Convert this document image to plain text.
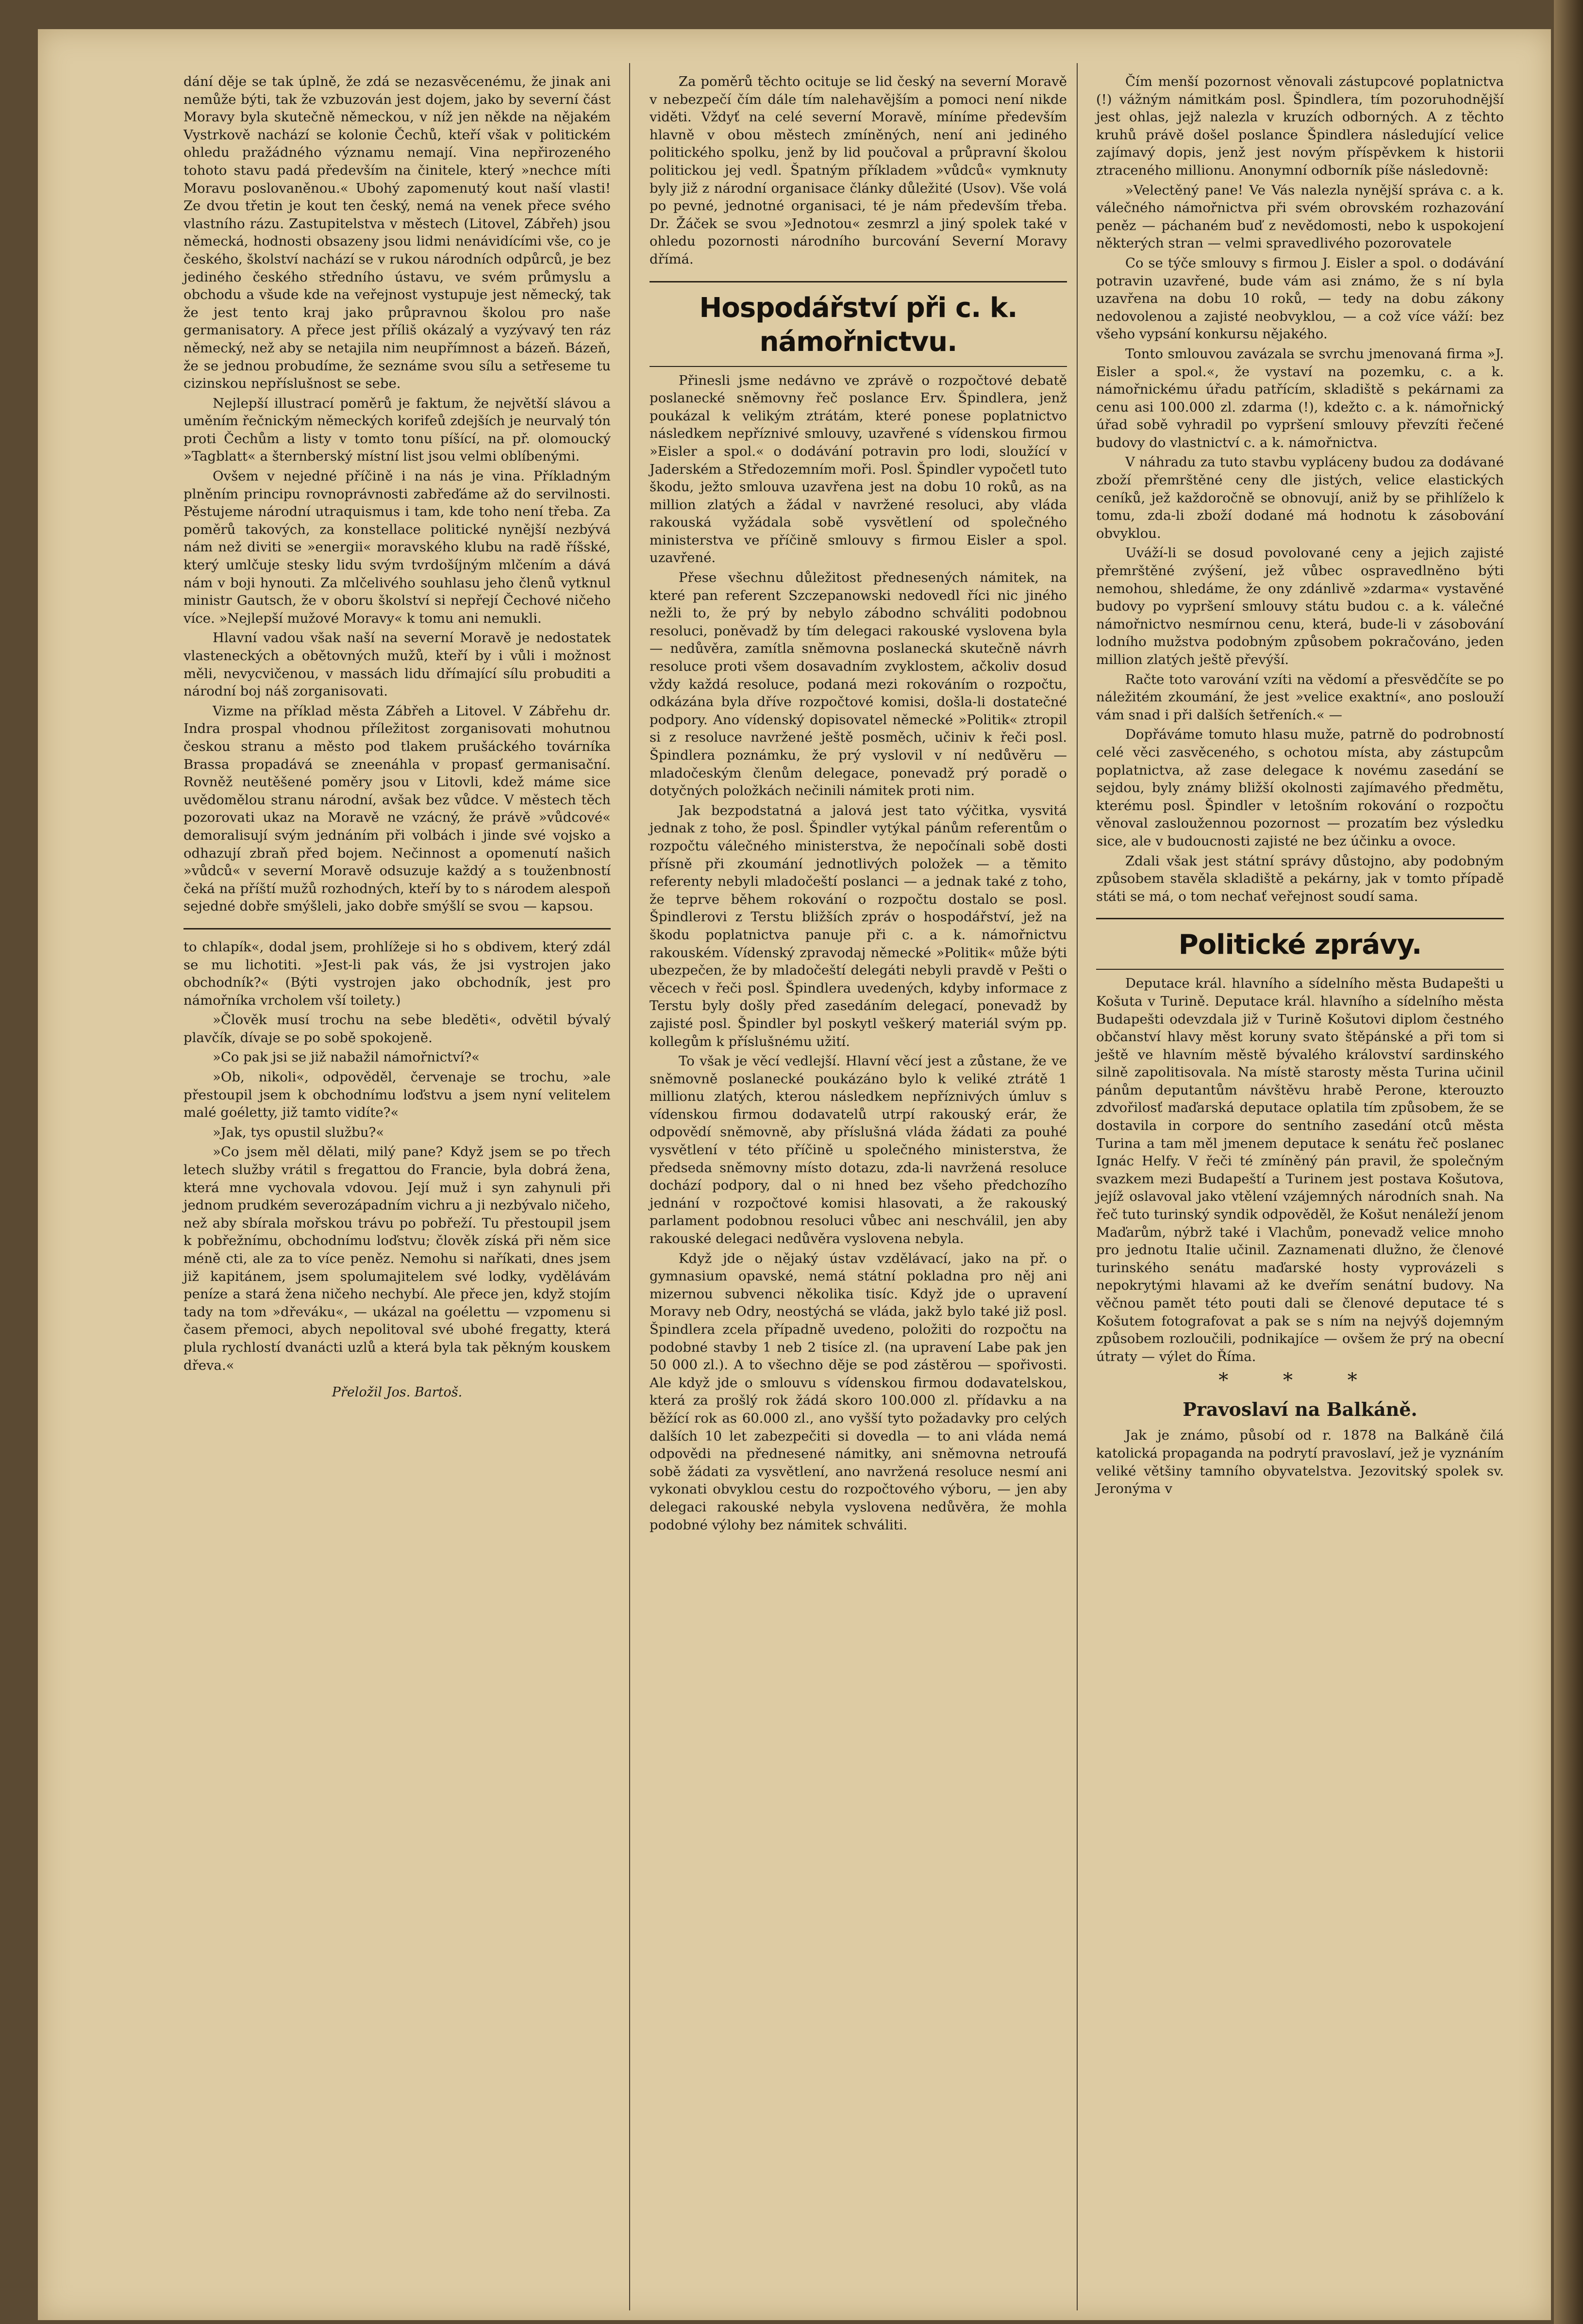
dání děje se tak úplně, že zdá se nezasvěcenému, že jinak ani nemůže býti, tak že vzbuzován jest dojem, jako by severní část Moravy byla skutečně německou, v níž jen někde na nějakém Vystrkově nachází se kolonie Čechů, kteří však v politickém ohledu pražádného významu nemají. Vina nepřirozeného tohoto stavu padá především na činitele, který »nechce míti Moravu poslovaněnou.« Ubohý zapomenutý kout naší vlasti! Ze dvou třetin je kout ten český, nemá na venek přece svého vlastního rázu. Zastupitelstva v městech (Litovel, Zábřeh) jsou německá, hodnosti obsazeny jsou lidmi nenávidícími vše, co je českého, školství nachází se v rukou národních odpůrců, je bez jediného českého středního ústavu, ve svém průmyslu a obchodu a všude kde na veřejnost vystupuje jest německý, tak že jest tento kraj jako průpravnou školou pro naše germanisatory. A přece jest příliš okázalý a vyzývavý ten ráz německý, než aby se netajila nim neupřímnost a bázeň. Bázeň, že se jednou probudíme, že seznáme svou sílu a setřeseme tu cizinskou nepříslušnost se sebe.

Nejlepší illustrací poměrů je faktum, že největší slávou a uměním řečnickým německých korifeů zdejších je neurvalý tón proti Čechům a listy v tomto tonu píšící, na př. olomoucký »Tagblatt« a šternberský místní list jsou velmi oblíbenými.

Ovšem v nejedné příčině i na nás je vina. Příkladným plněním principu rovnoprávnosti zabřeďáme až do servilnosti. Pěstujeme národní utraquismus i tam, kde toho není třeba. Za poměrů takových, za konstellace politické nynější nezbývá nám než diviti se »energii« moravského klubu na radě říšské, který umlčuje stesky lidu svým tvrdošíjným mlčením a dává nám v boji hynouti. Za mlčelivého souhlasu jeho členů vytknul ministr Gautsch, že v oboru školství si nepřejí Čechové ničeho více. »Nejlepší mužové Moravy« k tomu ani nemukli.

Hlavní vadou však naší na severní Moravě je nedostatek vlasteneckých a obětovných mužů, kteří by i vůli i možnost měli, nevycvičenou, v massách lidu dřímající sílu probuditi a národní boj náš zorganisovati.

Vizme na příklad města Zábřeh a Litovel. V Zábřehu dr. Indra prospal vhodnou příležitost zorganisovati mohutnou českou stranu a město pod tlakem prušáckého továrníka Brassa propadává se zneenáhla v propasť germanisační. Rovněž neutěšené poměry jsou v Litovli, kdež máme sice uvědomělou stranu národní, avšak bez vůdce. V městech těch pozorovati ukaz na Moravě ne vzácný, že právě »vůdcové« demoralisují svým jednáním při volbách i jinde své vojsko a odhazují zbraň před bojem. Nečinnost a opomenutí našich »vůdců« v severní Moravě odsuzuje každý a s touženbností čeká na příští mužů rozhodných, kteří by to s národem alespoň sejedné dobře smýšleli, jako dobře smýšlí se svou — kapsou.

to chlapík«, dodal jsem, prohlížeje si ho s obdivem, který zdál se mu lichotiti. »Jest-li pak vás, že jsi vystrojen jako obchodník?« (Býti vystrojen jako obchodník, jest pro námořníka vrcholem vší toilety.)

»Člověk musí trochu na sebe bleděti«, odvětil bývalý plavčík, dívaje se po sobě spokojeně.

»Co pak jsi se již nabažil námořnictví?«

»Ob, nikoli«, odpověděl, červenaje se trochu, »ale přestoupil jsem k obchodnímu loďstvu a jsem nyní velitelem malé goéletty, již tamto vidíte?«

»Jak, tys opustil službu?«

»Co jsem měl dělati, milý pane? Když jsem se po třech letech služby vrátil s fregattou do Francie, byla dobrá žena, která mne vychovala vdovou. Její muž i syn zahynuli při jednom prudkém severozápadním vichru a ji nezbývalo ničeho, než aby sbírala mořskou trávu po pobřeží. Tu přestoupil jsem k pobřežnímu, obchodnímu loďstvu; člověk získá při něm sice méně cti, ale za to více peněz. Nemohu si naříkati, dnes jsem již kapitánem, jsem spolumajitelem své lodky, vydělávám peníze a stará žena ničeho nechybí. Ale přece jen, když stojím tady na tom »dřeváku«, — ukázal na goélettu — vzpomenu si časem přemoci, abych nepolitoval své ubohé fregatty, která plula rychlostí dvanácti uzlů a která byla tak pěkným kouskem dřeva.«

Přeložil Jos. Bartoš.

Za poměrů těchto ocituje se lid český na severní Moravě v nebezpečí čím dále tím nalehavějším a pomoci není nikde viděti. Vždyť na celé severní Moravě, míníme především hlavně v obou městech zmíněných, není ani jediného politického spolku, jenž by lid poučoval a průpravní školou politickou jej vedl. Špatným příkladem »vůdců« vymknuty byly již z národní organisace články důležité (Usov). Vše volá po pevné, jednotné organisaci, té je nám především třeba. Dr. Žáček se svou »Jednotou« zesmrzl a jiný spolek také v ohledu pozornosti národního burcování Severní Moravy dřímá.

Hospodářství při c. k. námořnictvu.

Přinesli jsme nedávno ve zprávě o rozpočtové debatě poslanecké sněmovny řeč poslance Erv. Špindlera, jenž poukázal k velikým ztrátám, které ponese poplatnictvo následkem nepříznivé smlouvy, uzavřené s vídenskou firmou »Eisler a spol.« o dodávání potravin pro lodi, sloužící v Jaderském a Středozemním moři. Posl. Špindler vypočetl tuto škodu, ježto smlouva uzavřena jest na dobu 10 roků, as na million zlatých a žádal v navržené resoluci, aby vláda rakouská vyžádala sobě vysvětlení od společného ministerstva ve příčině smlouvy s firmou Eisler a spol. uzavřené.

Přese všechnu důležitost přednesených námitek, na které pan referent Szczepanowski nedovedl říci nic jiného nežli to, že prý by nebylo zábodno schváliti podobnou resoluci, poněvadž by tím delegaci rakouské vyslovena byla — nedůvěra, zamítla sněmovna poslanecká skutečně návrh resoluce proti všem dosavadním zvyklostem, ačkoliv dosud vždy každá resoluce, podaná mezi rokováním o rozpočtu, odkázána byla dříve rozpočtové komisi, došla-li dostatečné podpory. Ano vídenský dopisovatel německé »Politik« ztropil si z resoluce navržené ještě posměch, učiniv k řeči posl. Špindlera poznámku, že prý vyslovil v ní nedůvěru — mladočeským členům delegace, ponevadž prý poradě o dotyčných položkách nečinili námitek proti nim.

Jak bezpodstatná a jalová jest tato výčitka, vysvitá jednak z toho, že posl. Špindler vytýkal pánům referentům o rozpočtu válečného ministerstva, že nepočínali sobě dosti přísně při zkoumání jednotlivých položek — a těmito referenty nebyli mladočeští poslanci — a jednak také z toho, že teprve během rokování o rozpočtu dostalo se posl. Špindlerovi z Terstu bližších zpráv o hospodářství, jež na škodu poplatnictva panuje při c. a k. námořnictvu rakouském. Vídenský zpravodaj německé »Politik« může býti ubezpečen, že by mladočeští delegáti nebyli pravdě v Pešti o věcech v řeči posl. Špindlera uvedených, kdyby informace z Terstu byly došly před zasedáním delegací, ponevadž by zajisté posl. Špindler byl poskytl veškerý materiál svým pp. kollegům k příslušnému užití.

To však je věcí vedlejší. Hlavní věcí jest a zůstane, že ve sněmovně poslanecké poukázáno bylo k veliké ztrátě 1 millionu zlatých, kterou následkem nepříznivých úmluv s vídenskou firmou dodavatelů utrpí rakouský erár, že odpovědí sněmovně, aby příslušná vláda žádati za pouhé vysvětlení v této příčině u společného ministerstva, že předseda sněmovny místo dotazu, zda-li navržená resoluce dochází podpory, dal o ni hned bez všeho předchozího jednání v rozpočtové komisi hlasovati, a že rakouský parlament podobnou resoluci vůbec ani neschválil, jen aby rakouské delegaci nedůvěra vyslovena nebyla.

Když jde o nějaký ústav vzdělávací, jako na př. o gymnasium opavské, nemá státní pokladna pro něj ani mizernou subvenci několika tisíc. Když jde o upravení Moravy neb Odry, neostýchá se vláda, jakž bylo také již posl. Špindlera zcela případně uvedeno, položiti do rozpočtu na podobné stavby 1 neb 2 tisíce zl. (na upravení Labe pak jen 50 000 zl.). A to všechno děje se pod zástěrou — spořivosti. Ale když jde o smlouvu s vídenskou firmou dodavatelskou, která za prošlý rok žádá skoro 100.000 zl. přídavku a na běžící rok as 60.000 zl., ano vyšší tyto požadavky pro celých dalších 10 let zabezpečiti si dovedla — to ani vláda nemá odpovědi na přednesené námitky, ani sněmovna netroufá sobě žádati za vysvětlení, ano navržená resoluce nesmí ani vykonati obvyklou cestu do rozpočtového výboru, — jen aby delegaci rakouské nebyla vyslovena nedůvěra, že mohla podobné výlohy bez námitek schváliti.

Čím menší pozornost věnovali zástupcové poplatnictva (!) vážným námitkám posl. Špindlera, tím pozoruhodnější jest ohlas, jejž nalezla v kruzích odborných. A z těchto kruhů právě došel poslance Špindlera následující velice zajímavý dopis, jenž jest novým příspěvkem k historii ztraceného millionu. Anonymní odborník píše následovně:

»Velectěný pane! Ve Vás nalezla nynější správa c. a k. válečného námořnictva při svém obrovském rozhazování peněz — páchaném buď z nevědomosti, nebo k uspokojení některých stran — velmi spravedlivého pozorovatele

Co se týče smlouvy s firmou J. Eisler a spol. o dodávání potravin uzavřené, bude vám asi známo, že s ní byla uzavřena na dobu 10 roků, — tedy na dobu zákony nedovolenou a zajisté neobvyklou, — a což více váží: bez všeho vypsání konkursu nějakého.

Tonto smlouvou zavázala se svrchu jmenovaná firma »J. Eisler a spol.«, že vystaví na pozemku, c. a k. námořnickému úřadu patřícím, skladiště s pekárnami za cenu asi 100.000 zl. zdarma (!), kdežto c. a k. námořnický úřad sobě vyhradil po vypršení smlouvy převzíti řečené budovy do vlastnictví c. a k. námořnictva.

V náhradu za tuto stavbu vypláceny budou za dodávané zboží přemrštěné ceny dle jistých, velice elastických ceníků, jež každoročně se obnovují, aniž by se přihlíželo k tomu, zda-li zboží dodané má hodnotu k zásobování obvyklou.

Uváží-li se dosud povolované ceny a jejich zajisté přemrštěné zvýšení, jež vůbec ospravedlněno býti nemohou, shledáme, že ony zdánlivě »zdarma« vystavěné budovy po vypršení smlouvy státu budou c. a k. válečné námořnictvo nesmírnou cenu, která, bude-li v zásobování lodního mužstva podobným způsobem pokračováno, jeden million zlatých ještě převýší.

Račte toto varování vzíti na vědomí a přesvědčíte se po náležitém zkoumání, že jest »velice exaktní«, ano poslouží vám snad i při dalších šetřeních.« —

Dopřáváme tomuto hlasu muže, patrně do podrobností celé věci zasvěceného, s ochotou místa, aby zástupcům poplatnictva, až zase delegace k novému zasedání se sejdou, byly známy bližší okolnosti zajímavého předmětu, kterému posl. Špindler v letošním rokování o rozpočtu věnoval zasloužennou pozornost — prozatím bez výsledku sice, ale v budoucnosti zajisté ne bez účinku a ovoce.

Zdali však jest státní správy důstojno, aby podobným způsobem stavěla skladiště a pekárny, jak v tomto případě státi se má, o tom nechať veřejnost soudí sama.

Politické zprávy.

Deputace král. hlavního a sídelního města Budapešti u Košuta v Turině. Deputace král. hlavního a sídelního města Budapešti odevzdala již v Turině Košutovi diplom čestného občanství hlavy měst koruny svato štěpánské a při tom si ještě ve hlavním městě bývalého království sardinského silně zapolitisovala. Na místě starosty města Turina učinil pánům deputantům návštěvu hrabě Perone, kterouzto zdvořilosť maďarská deputace oplatila tím způsobem, že se dostavila in corpore do sentního zasedání otců města Turina a tam měl jmenem deputace k senátu řeč poslanec Ignác Helfy. V řeči té zmíněný pán pravil, že společným svazkem mezi Budapeští a Turinem jest postava Košutova, jejíž oslavoval jako vtělení vzájemných národních snah. Na řeč tuto turinský syndik odpověděl, že Košut nenáleží jenom Maďarům, nýbrž také i Vlachům, ponevadž velice mnoho pro jednotu Italie učinil. Zaznamenati dlužno, že členové turinského senátu maďarské hosty vyprovázeli s nepokrytými hlavami až ke dveřím senátní budovy. Na věčnou pamět této pouti dali se členové deputace té s Košutem fotografovat a pak se s ním na nejvýš dojemným způsobem rozloučili, podnikajíce — ovšem že prý na obecní útraty — výlet do Říma.

* * *
Pravoslaví na Balkáně.

Jak je známo, působí od r. 1878 na Balkáně čilá katolická propaganda na podrytí pravoslaví, jež je vyznáním veliké většiny tamního obyvatelstva. Jezovitský spolek sv. Jeronýma v
